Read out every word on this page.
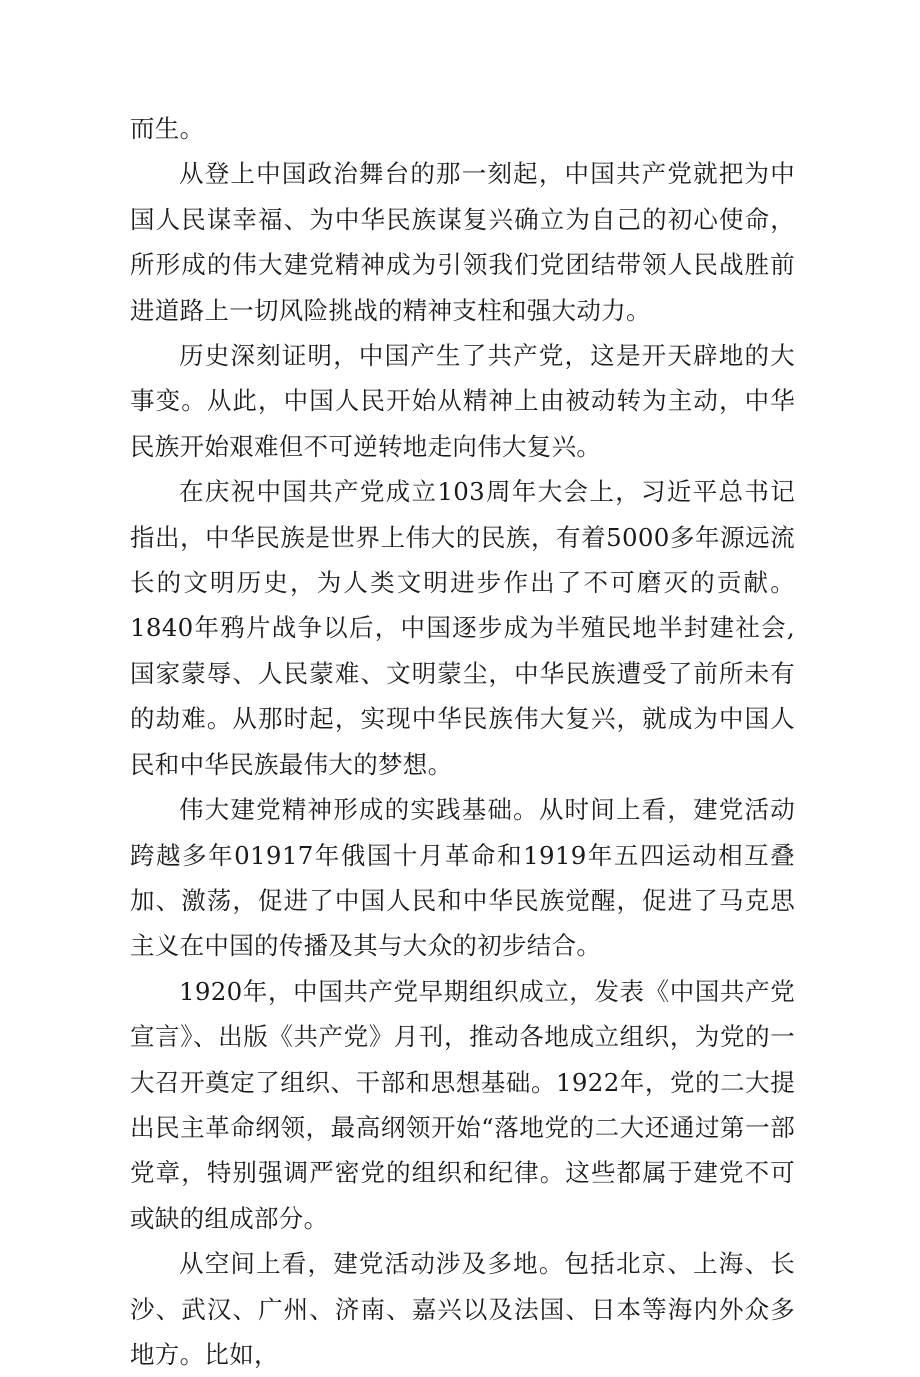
而生。

从登上中国政治舞台的那一刻起，中国共产党就把为中国人民谋幸福、为中华民族谋复兴确立为自己的初心使命，所形成的伟大建党精神成为引领我们党团结带领人民战胜前进道路上一切风险挑战的精神支柱和强大动力。

历史深刻证明，中国产生了共产党，这是开天辟地的大事变。从此，中国人民开始从精神上由被动转为主动，中华民族开始艰难但不可逆转地走向伟大复兴。

在庆祝中国共产党成立103周年大会上，习近平总书记指出，中华民族是世界上伟大的民族，有着5000多年源远流长的文明历史，为人类文明进步作出了不可磨灭的贡献。1840年鸦片战争以后，中国逐步成为半殖民地半封建社会,国家蒙辱、人民蒙难、文明蒙尘，中华民族遭受了前所未有的劫难。从那时起，实现中华民族伟大复兴，就成为中国人民和中华民族最伟大的梦想。

伟大建党精神形成的实践基础。从时间上看，建党活动跨越多年01917年俄国十月革命和1919年五四运动相互叠加、激荡，促进了中国人民和中华民族觉醒，促进了马克思主义在中国的传播及其与大众的初步结合。

1920年，中国共产党早期组织成立，发表《中国共产党宣言》、出版《共产党》月刊，推动各地成立组织，为党的一大召开奠定了组织、干部和思想基础。1922年，党的二大提出民主革命纲领，最高纲领开始“落地党的二大还通过第一部党章，特别强调严密党的组织和纪律。这些都属于建党不可或缺的组成部分。

从空间上看，建党活动涉及多地。包括北京、上海、长沙、武汉、广州、济南、嘉兴以及法国、日本等海内外众多地方。比如，
